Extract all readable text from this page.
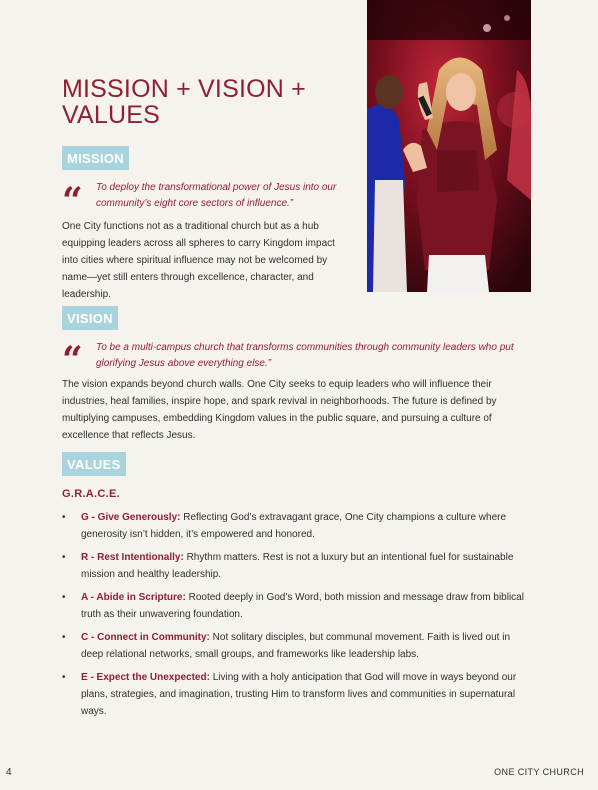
MISSION + VISION + VALUES
MISSION
“ To deploy the transformational power of Jesus into our community’s eight core sectors of influence.”
One City functions not as a traditional church but as a hub equipping leaders across all spheres to carry Kingdom impact into cities where spiritual influence may not be welcomed by name—yet still enters through excellence, character, and leadership.
VISION
“ To be a multi-campus church that transforms communities through community leaders who put glorifying Jesus above everything else.”
The vision expands beyond church walls. One City seeks to equip leaders who will influence their industries, heal families, inspire hope, and spark revival in neighborhoods. The future is defined by multiplying campuses, embedding Kingdom values in the public square, and pursuing a culture of excellence that reflects Jesus.
VALUES
G.R.A.C.E.
• G - Give Generously: Reflecting God’s extravagant grace, One City champions a culture where generosity isn’t hidden, it’s empowered and honored.
• R - Rest Intentionally: Rhythm matters. Rest is not a luxury but an intentional fuel for sustainable mission and healthy leadership.
• A - Abide in Scripture: Rooted deeply in God’s Word, both mission and message draw from biblical truth as their unwavering foundation.
• C - Connect in Community: Not solitary disciples, but communal movement. Faith is lived out in deep relational networks, small groups, and frameworks like leadership labs.
• E - Expect the Unexpected: Living with a holy anticipation that God will move in ways beyond our plans, strategies, and imagination, trusting Him to transform lives and communities in supernatural ways.
4	ONE CITY CHURCH
